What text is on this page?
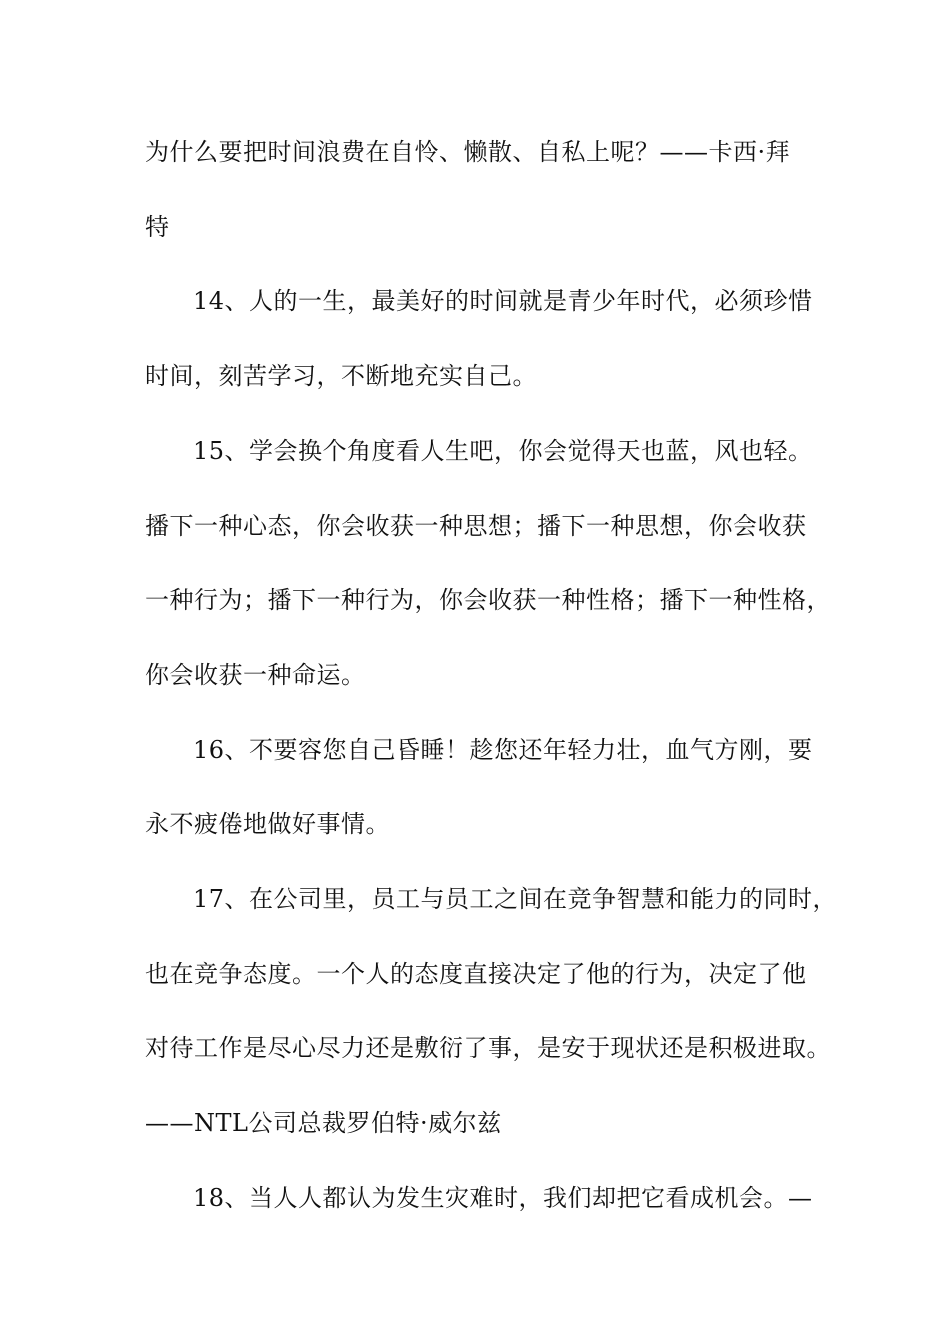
为什么要把时间浪费在自怜、懒散、自私上呢？——卡西·拜
特
14、人的一生，最美好的时间就是青少年时代，必须珍惜
时间，刻苦学习，不断地充实自己。
15、学会换个角度看人生吧，你会觉得天也蓝，风也轻。
播下一种心态，你会收获一种思想；播下一种思想，你会收获
一种行为；播下一种行为，你会收获一种性格；播下一种性格，
你会收获一种命运。
16、不要容您自己昏睡！趁您还年轻力壮，血气方刚，要
永不疲倦地做好事情。
17、在公司里，员工与员工之间在竞争智慧和能力的同时，
也在竞争态度。一个人的态度直接决定了他的行为，决定了他
对待工作是尽心尽力还是敷衍了事，是安于现状还是积极进取。
——NTL公司总裁罗伯特·威尔兹
18、当人人都认为发生灾难时，我们却把它看成机会。—
